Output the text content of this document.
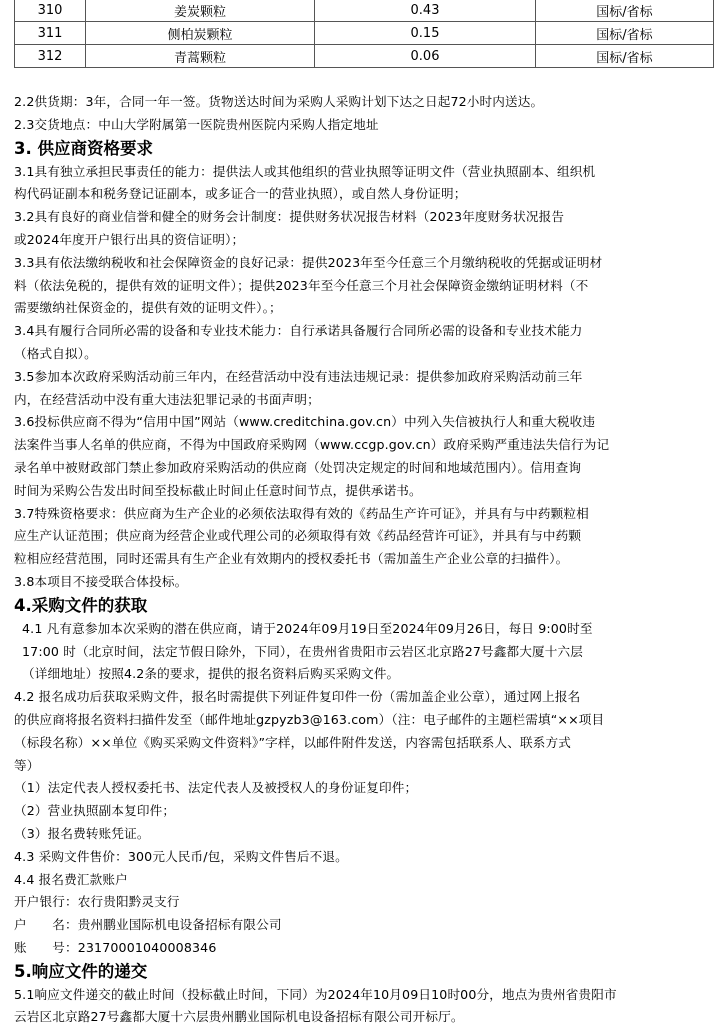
310	姜炭颗粒	0.43	国标/省标
311	侧柏炭颗粒	0.15	国标/省标
312	青蒿颗粒	0.06	国标/省标
2.2供货期：3年，合同一年一签。货物送达时间为采购人采购计划下达之日起72小时内送达。
2.3交货地点：中山大学附属第一医院贵州医院内采购人指定地址
3. 供应商资格要求
3.1具有独立承担民事责任的能力：提供法人或其他组织的营业执照等证明文件（营业执照副本、组织机
构代码证副本和税务登记证副本，或多证合一的营业执照），或自然人身份证明；
3.2具有良好的商业信誉和健全的财务会计制度：提供财务状况报告材料（2023年度财务状况报告
或2024年度开户银行出具的资信证明）；
3.3具有依法缴纳税收和社会保障资金的良好记录：提供2023年至今任意三个月缴纳税收的凭据或证明材
料（依法免税的，提供有效的证明文件）；提供2023年至今任意三个月社会保障资金缴纳证明材料（不
需要缴纳社保资金的，提供有效的证明文件）。；
3.4具有履行合同所必需的设备和专业技术能力：自行承诺具备履行合同所必需的设备和专业技术能力
（格式自拟）。
3.5参加本次政府采购活动前三年内，在经营活动中没有违法违规记录：提供参加政府采购活动前三年
内，在经营活动中没有重大违法犯罪记录的书面声明；
3.6投标供应商不得为“信用中国”网站（www.creditchina.gov.cn）中列入失信被执行人和重大税收违
法案件当事人名单的供应商，不得为中国政府采购网（www.ccgp.gov.cn）政府采购严重违法失信行为记
录名单中被财政部门禁止参加政府采购活动的供应商（处罚决定规定的时间和地域范围内）。信用查询
时间为采购公告发出时间至投标截止时间止任意时间节点，提供承诺书。
3.7特殊资格要求：供应商为生产企业的必须依法取得有效的《药品生产许可证》，并具有与中药颗粒相
应生产认证范围；供应商为经营企业或代理公司的必须取得有效《药品经营许可证》，并具有与中药颗
粒相应经营范围，同时还需具有生产企业有效期内的授权委托书（需加盖生产企业公章的扫描件）。
3.8本项目不接受联合体投标。
4.采购文件的获取
4.1 凡有意参加本次采购的潜在供应商，请于2024年09月19日至2024年09月26日，每日 9:00时至
17:00 时（北京时间，法定节假日除外，下同），在贵州省贵阳市云岩区北京路27号鑫都大厦十六层
（详细地址）按照4.2条的要求，提供的报名资料后购买采购文件。
4.2 报名成功后获取采购文件，报名时需提供下列证件复印件一份（需加盖企业公章），通过网上报名
的供应商将报名资料扫描件发至（邮件地址gzpyzb3@163.com）（注：电子邮件的主题栏需填“××项目
（标段名称）××单位《购买采购文件资料》”字样，以邮件附件发送，内容需包括联系人、联系方式
等）
（1）法定代表人授权委托书、法定代表人及被授权人的身份证复印件；
（2）营业执照副本复印件；
（3）报名费转账凭证。
4.3 采购文件售价：300元人民币/包，采购文件售后不退。
4.4 报名费汇款账户
开户银行：农行贵阳黔灵支行
户　　名：贵州鹏业国际机电设备招标有限公司
账　　号：23170001040008346
5.响应文件的递交
5.1响应文件递交的截止时间（投标截止时间，下同）为2024年10月09日10时00分，地点为贵州省贵阳市
云岩区北京路27号鑫都大厦十六层贵州鹏业国际机电设备招标有限公司开标厅。
